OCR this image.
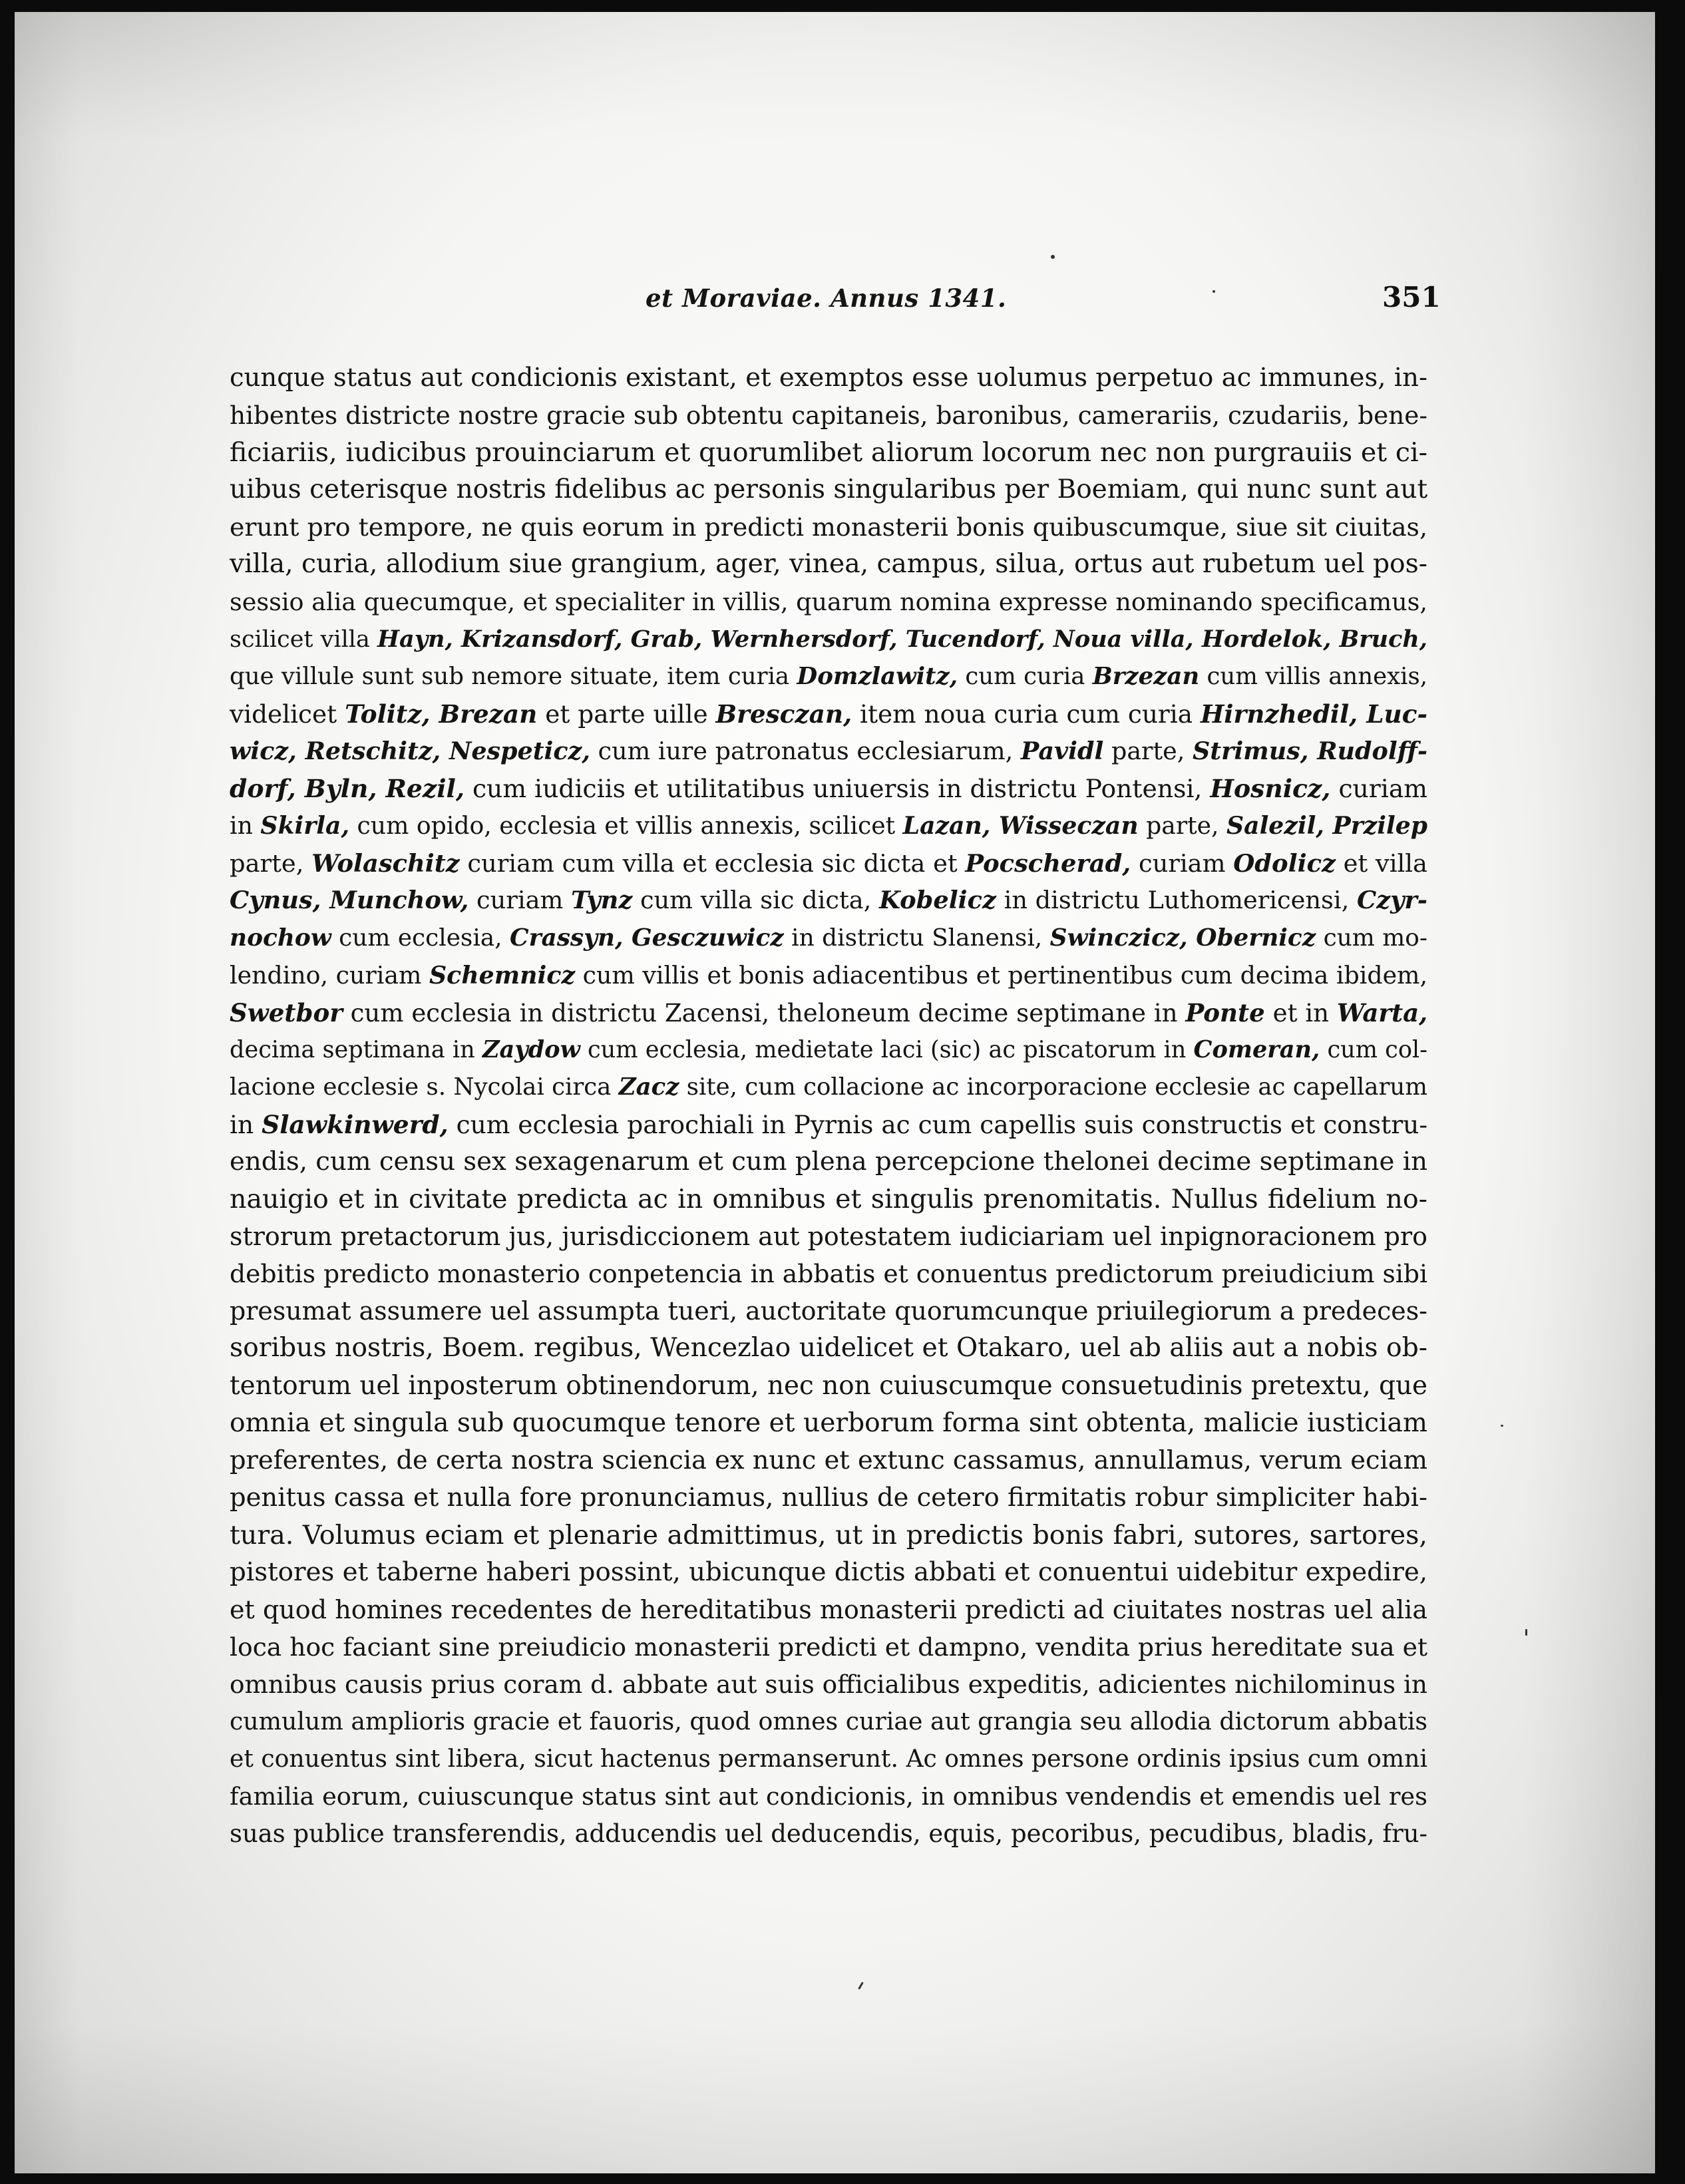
et Moraviae. Annus 1341.	351
cunque status aut condicionis existant, et exemptos esse uolumus perpetuo ac immunes, in-
hibentes districte nostre gracie sub obtentu capitaneis, baronibus, camerariis, czudariis, bene-
ficiariis, iudicibus prouinciarum et quorumlibet aliorum locorum nec non purgrauiis et ci-
uibus ceterisque nostris fidelibus ac personis singularibus per Boemiam, qui nunc sunt aut
erunt pro tempore, ne quis eorum in predicti monasterii bonis quibuscumque, siue sit ciuitas,
villa, curia, allodium siue grangium, ager, vinea, campus, silua, ortus aut rubetum uel pos-
sessio alia quecumque, et specialiter in villis, quarum nomina expresse nominando specificamus,
scilicet villa Hayn, Krizansdorf, Grab, Wernhersdorf, Tucendorf, Noua villa, Hordelok, Bruch,
que villule sunt sub nemore situate, item curia Domzlawitz, cum curia Brzezan cum villis annexis,
videlicet Tolitz, Brezan et parte uille Bresczan, item noua curia cum curia Hirnzhedil, Luc-
wicz, Retschitz, Nespeticz, cum iure patronatus ecclesiarum, Pavidl parte, Strimus, Rudolff-
dorf, Byln, Rezil, cum iudiciis et utilitatibus uniuersis in districtu Pontensi, Hosnicz, curiam
in Skirla, cum opido, ecclesia et villis annexis, scilicet Lazan, Wisseczan parte, Salezil, Przilep
parte, Wolaschitz curiam cum villa et ecclesia sic dicta et Pocscherad, curiam Odolicz et villa
Cynus, Munchow, curiam Tynz cum villa sic dicta, Kobelicz in districtu Luthomericensi, Czyr-
nochow cum ecclesia, Crassyn, Gesczuwicz in districtu Slanensi, Swinczicz, Obernicz cum mo-
lendino, curiam Schemnicz cum villis et bonis adiacentibus et pertinentibus cum decima ibidem,
Swetbor cum ecclesia in districtu Zacensi, theloneum decime septimane in Ponte et in Warta,
decima septimana in Zaydow cum ecclesia, medietate laci (sic) ac piscatorum in Comeran, cum col-
lacione ecclesie s. Nycolai circa Zacz site, cum collacione ac incorporacione ecclesie ac capellarum
in Slawkinwerd, cum ecclesia parochiali in Pyrnis ac cum capellis suis constructis et constru-
endis, cum censu sex sexagenarum et cum plena percepcione thelonei decime septimane in
nauigio et in civitate predicta ac in omnibus et singulis prenomitatis. Nullus fidelium no-
strorum pretactorum jus, jurisdiccionem aut potestatem iudiciariam uel inpignoracionem pro
debitis predicto monasterio conpetencia in abbatis et conuentus predictorum preiudicium sibi
presumat assumere uel assumpta tueri, auctoritate quorumcunque priuilegiorum a predeces-
soribus nostris, Boem. regibus, Wencezlao uidelicet et Otakaro, uel ab aliis aut a nobis ob-
tentorum uel inposterum obtinendorum, nec non cuiuscumque consuetudinis pretextu, que
omnia et singula sub quocumque tenore et uerborum forma sint obtenta, malicie iusticiam
preferentes, de certa nostra sciencia ex nunc et extunc cassamus, annullamus, verum eciam
penitus cassa et nulla fore pronunciamus, nullius de cetero firmitatis robur simpliciter habi-
tura. Volumus eciam et plenarie admittimus, ut in predictis bonis fabri, sutores, sartores,
pistores et taberne haberi possint, ubicunque dictis abbati et conuentui uidebitur expedire,
et quod homines recedentes de hereditatibus monasterii predicti ad ciuitates nostras uel alia
loca hoc faciant sine preiudicio monasterii predicti et dampno, vendita prius hereditate sua et
omnibus causis prius coram d. abbate aut suis officialibus expeditis, adicientes nichilominus in
cumulum amplioris gracie et fauoris, quod omnes curiae aut grangia seu allodia dictorum abbatis
et conuentus sint libera, sicut hactenus permanserunt. Ac omnes persone ordinis ipsius cum omni
familia eorum, cuiuscunque status sint aut condicionis, in omnibus vendendis et emendis uel res
suas publice transferendis, adducendis uel deducendis, equis, pecoribus, pecudibus, bladis, fru-
